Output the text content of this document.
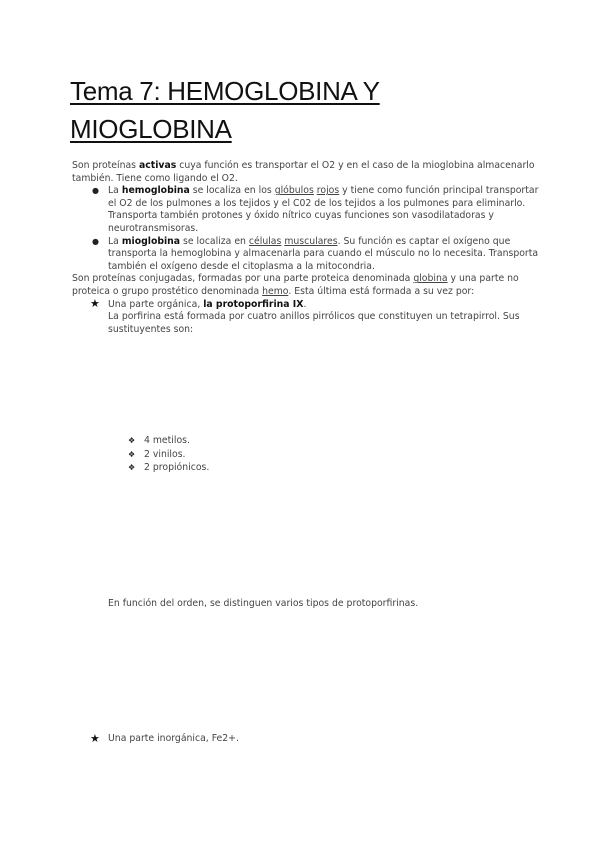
Tema 7: HEMOGLOBINA Y
MIOGLOBINA

Son proteínas activas cuya función es transportar el O2 y en el caso de la mioglobina almacenarlo también. Tiene como ligando el O2.

● La hemoglobina se localiza en los glóbulos rojos y tiene como función principal transportar el O2 de los pulmones a los tejidos y el C02 de los tejidos a los pulmones para eliminarlo. Transporta también protones y óxido nítrico cuyas funciones son vasodilatadoras y neurotransmisoras.

● La mioglobina se localiza en células musculares. Su función es captar el oxígeno que transporta la hemoglobina y almacenarla para cuando el músculo no lo necesita. Transporta también el oxígeno desde el citoplasma a la mitocondria.

Son proteínas conjugadas, formadas por una parte proteica denominada globina y una parte no proteica o grupo prostético denominada hemo. Esta última está formada a su vez por:

★ Una parte orgánica, la protoporfirina IX.

La porfirina está formada por cuatro anillos pirrólicos que constituyen un tetrapirrol. Sus sustituyentes son:

❖ 4 metilos.
❖ 2 vinilos.
❖ 2 propiónicos.

En función del orden, se distinguen varios tipos de protoporfirinas.

★ Una parte inorgánica, Fe2+.
